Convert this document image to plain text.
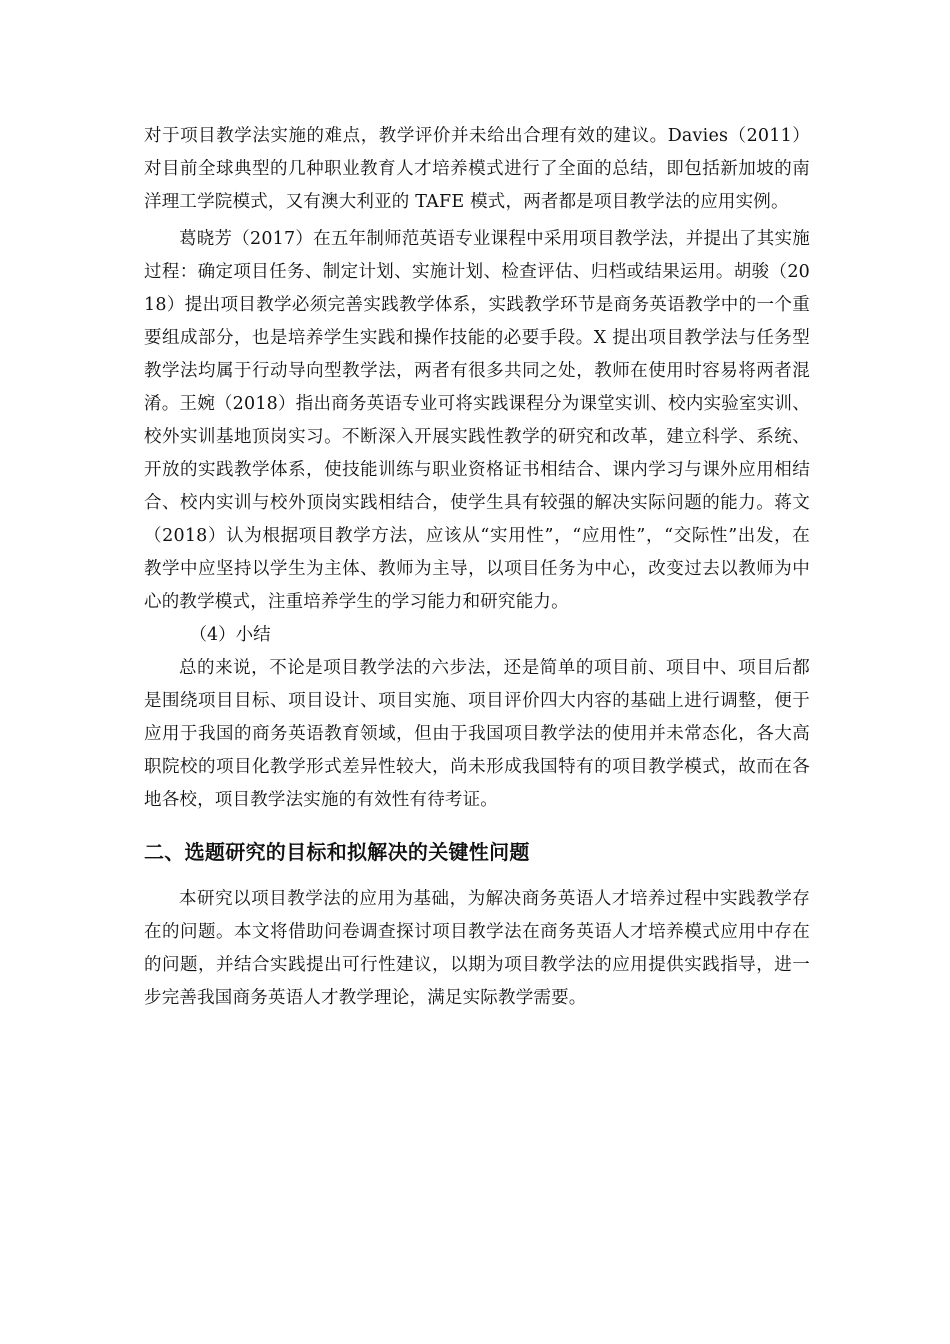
对于项目教学法实施的难点，教学评价并未给出合理有效的建议。Davies（2011）对目前全球典型的几种职业教育人才培养模式进行了全面的总结，即包括新加坡的南洋理工学院模式，又有澳大利亚的 TAFE 模式，两者都是项目教学法的应用实例。

葛晓芳（2017）在五年制师范英语专业课程中采用项目教学法，并提出了其实施过程：确定项目任务、制定计划、实施计划、检查评估、归档或结果运用。胡骏（2018）提出项目教学必须完善实践教学体系，实践教学环节是商务英语教学中的一个重要组成部分，也是培养学生实践和操作技能的必要手段。X 提出项目教学法与任务型教学法均属于行动导向型教学法，两者有很多共同之处，教师在使用时容易将两者混淆。王婉（2018）指出商务英语专业可将实践课程分为课堂实训、校内实验室实训、校外实训基地顶岗实习。不断深入开展实践性教学的研究和改革，建立科学、系统、开放的实践教学体系，使技能训练与职业资格证书相结合、课内学习与课外应用相结合、校内实训与校外顶岗实践相结合，使学生具有较强的解决实际问题的能力。蒋文（2018）认为根据项目教学方法，应该从“实用性”，“应用性”，“交际性”出发，在教学中应坚持以学生为主体、教师为主导，以项目任务为中心，改变过去以教师为中心的教学模式，注重培养学生的学习能力和研究能力。

（4）小结

总的来说，不论是项目教学法的六步法，还是简单的项目前、项目中、项目后都是围绕项目目标、项目设计、项目实施、项目评价四大内容的基础上进行调整，便于应用于我国的商务英语教育领域，但由于我国项目教学法的使用并未常态化，各大高职院校的项目化教学形式差异性较大，尚未形成我国特有的项目教学模式，故而在各地各校，项目教学法实施的有效性有待考证。

二、选题研究的目标和拟解决的关键性问题

本研究以项目教学法的应用为基础，为解决商务英语人才培养过程中实践教学存在的问题。本文将借助问卷调查探讨项目教学法在商务英语人才培养模式应用中存在的问题，并结合实践提出可行性建议，以期为项目教学法的应用提供实践指导，进一步完善我国商务英语人才教学理论，满足实际教学需要。
